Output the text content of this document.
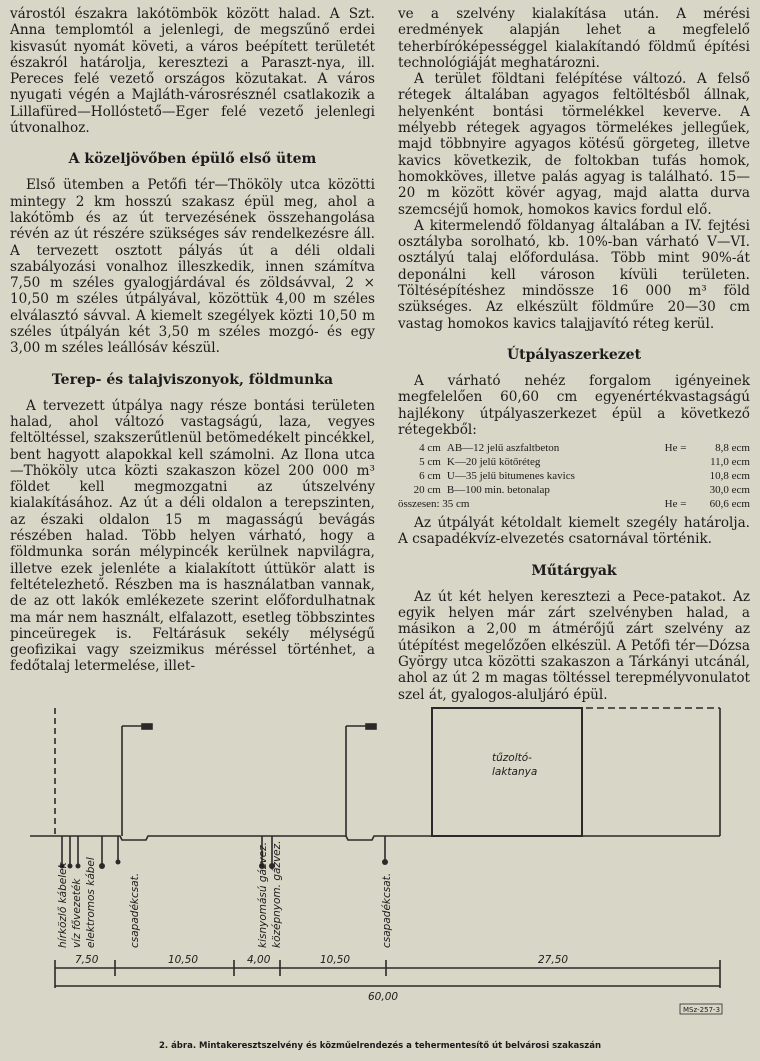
várostól északra lakótömbök között halad. A Szt. Anna templomtól a jelenlegi, de megszűnő erdei kisvasút nyomát követi, a város beépített területét északról határolja, keresztezi a Paraszt-nya, ill. Pereces felé vezető országos közutakat. A város nyugati végén a Majláth-városrésznél csatlakozik a Lillafüred—Hollóstető—Eger felé vezető jelenlegi útvonalhoz.

A közeljövőben épülő első ütem

Első ütemben a Petőfi tér—Thököly utca közötti mintegy 2 km hosszú szakasz épül meg, ahol a lakótömb és az út tervezésének összehangolása révén az út részére szükséges sáv rendelkezésre áll. A tervezett osztott pályás út a déli oldali szabályozási vonalhoz illeszkedik, innen számítva 7,50 m széles gyalogjárdával és zöldsávval, 2 × 10,50 m széles útpályával, közöttük 4,00 m széles elválasztó sávval. A kiemelt szegélyek közti 10,50 m széles útpályán két 3,50 m széles mozgó- és egy 3,00 m széles leállósáv készül.

Terep- és talajviszonyok, földmunka

A tervezett útpálya nagy része bontási területen halad, ahol változó vastagságú, laza, vegyes feltöltéssel, szakszerűtlenül betömedékelt pincékkel, bent hagyott alapokkal kell számolni. Az Ilona utca—Thököly utca közti szakaszon közel 200 000 m³ földet kell megmozgatni az útszelvény kialakításához. Az út a déli oldalon a terepszinten, az északi oldalon 15 m magasságú bevágás részében halad. Több helyen várható, hogy a földmunka során mélypincék kerülnek napvilágra, illetve ezek jelenléte a kialakított úttükör alatt is feltételezhető. Részben ma is használatban vannak, de az ott lakók emlékezete szerint előfordulhatnak ma már nem használt, elfalazott, esetleg többszintes pinceüregek is. Feltárásuk sekély mélységű geofizikai vagy szeizmikus méréssel történhet, a fedőtalaj letermelése, illet-

ve a szelvény kialakítása után. A mérési eredmények alapján lehet a megfelelő teherbíróképességgel kialakítandó földmű építési technológiáját meghatározni.

A terület földtani felépítése változó. A felső rétegek általában agyagos feltöltésből állnak, helyenként bontási törmelékkel keverve. A mélyebb rétegek agyagos törmelékes jellegűek, majd többnyire agyagos kötésű görgeteg, illetve kavics következik, de foltokban tufás homok, homokköves, illetve palás agyag is található. 15—20 m között kövér agyag, majd alatta durva szemcséjű homok, homokos kavics fordul elő.

A kitermelendő földanyag általában a IV. fejtési osztályba sorolható, kb. 10%-ban várható V—VI. osztályú talaj előfordulása. Több mint 90%-át deponálni kell városon kívüli területen. Töltésépítéshez mindössze 16 000 m³ föld szükséges. Az elkészült földműre 20—30 cm vastag homokos kavics talajjavító réteg kerül.

Útpályaszerkezet

A várható nehéz forgalom igényeinek megfelelően 60,60 cm egyenértékvastagságú hajlékony útpályaszerkezet épül a következő rétegekből:

4 cm	AB—12 jelű aszfaltbeton	He =	8,8 ecm
5 cm	K—20 jelű kötőréteg		11,0 ecm
6 cm	U—35 jelű bitumenes kavics		10,8 ecm
20 cm	B—100 min. betonalap		30,0 ecm
összesen: 35 cm		He =	60,6 ecm

Az útpályát kétoldalt kiemelt szegély határolja. A csapadékvíz-elvezetés csatornával történik.

Műtárgyak

Az út két helyen keresztezi a Pece-patakot. Az egyik helyen már zárt szelvényben halad, a másikon a 2,00 m átmérőjű zárt szelvény az útépítést megelőzően elkészül. A Petőfi tér—Dózsa György utca közötti szakaszon a Tárkányi utcánál, ahol az út 2 m magas töltéssel terepmélyvonulatot szel át, gyalogos-aluljáró épül.

tűzoltó-
laktanya
hírközlő kábelek víz fővezeték elektromos kábel	csapadékcsat.	kisnyomású gázvez. középnyom. gázvez.	csapadékcsat.
7,50	10,50	4,00	10,50	27,50
60,00
MSz-257-3
2. ábra. Mintakeresztszelvény és közműelrendezés a tehermentesítő út belvárosi szakaszán
